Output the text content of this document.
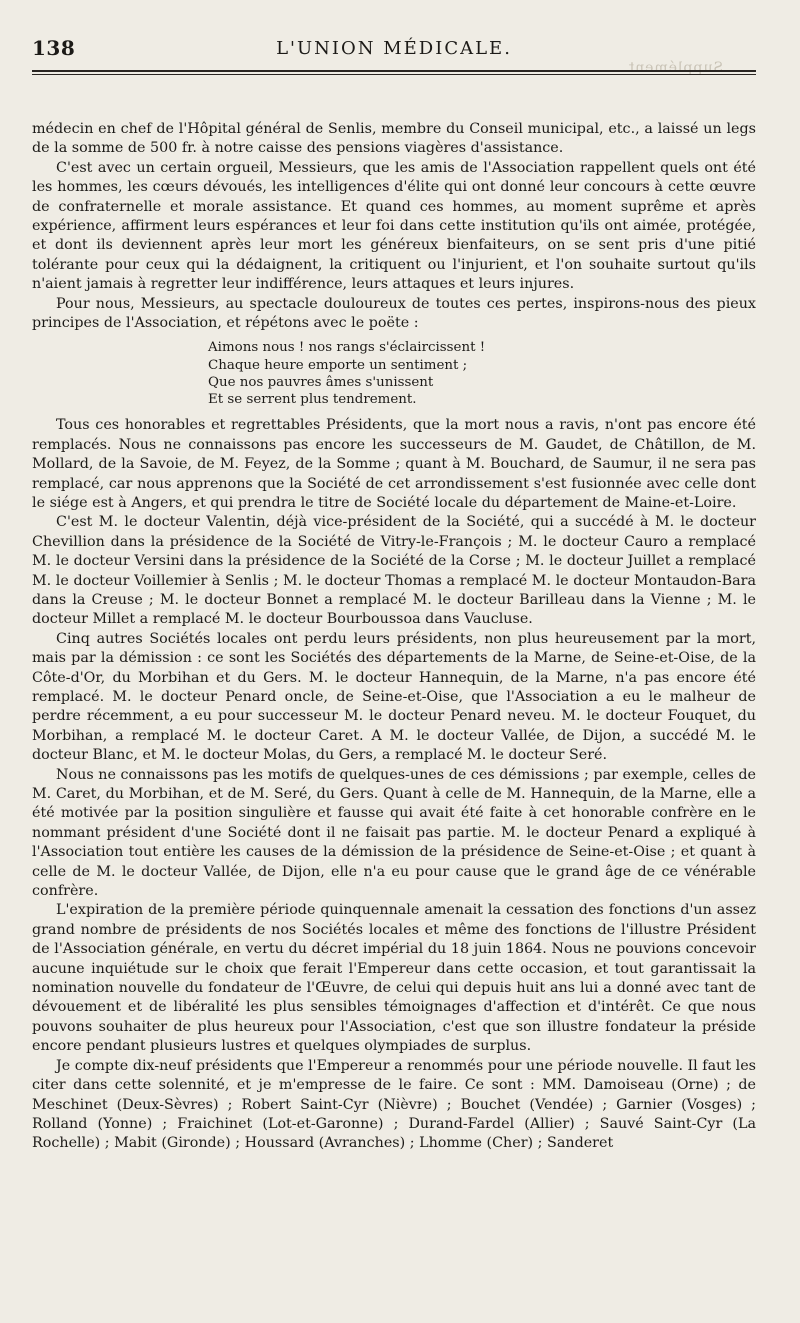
138	L'UNION MÉDICALE.
Supplément.

médecin en chef de l'Hôpital général de Senlis, membre du Conseil municipal, etc., a laissé un legs de la somme de 500 fr. à notre caisse des pensions viagères d'assistance.

C'est avec un certain orgueil, Messieurs, que les amis de l'Association rappellent quels ont été les hommes, les cœurs dévoués, les intelligences d'élite qui ont donné leur concours à cette œuvre de confraternelle et morale assistance. Et quand ces hommes, au moment suprême et après expérience, affirment leurs espérances et leur foi dans cette institution qu'ils ont aimée, protégée, et dont ils deviennent après leur mort les généreux bienfaiteurs, on se sent pris d'une pitié tolérante pour ceux qui la dédaignent, la critiquent ou l'injurient, et l'on souhaite surtout qu'ils n'aient jamais à regretter leur indifférence, leurs attaques et leurs injures.

Pour nous, Messieurs, au spectacle douloureux de toutes ces pertes, inspirons-nous des pieux principes de l'Association, et répétons avec le poëte :

Aimons nous ! nos rangs s'éclaircissent !
Chaque heure emporte un sentiment ;
Que nos pauvres âmes s'unissent
Et se serrent plus tendrement.

Tous ces honorables et regrettables Présidents, que la mort nous a ravis, n'ont pas encore été remplacés. Nous ne connaissons pas encore les successeurs de M. Gaudet, de Châtillon, de M. Mollard, de la Savoie, de M. Feyez, de la Somme ; quant à M. Bouchard, de Saumur, il ne sera pas remplacé, car nous apprenons que la Société de cet arrondissement s'est fusionnée avec celle dont le siége est à Angers, et qui prendra le titre de Société locale du département de Maine-et-Loire.

C'est M. le docteur Valentin, déjà vice-président de la Société, qui a succédé à M. le docteur Chevillion dans la présidence de la Société de Vitry-le-François ; M. le docteur Cauro a remplacé M. le docteur Versini dans la présidence de la Société de la Corse ; M. le docteur Juillet a remplacé M. le docteur Voillemier à Senlis ; M. le docteur Thomas a remplacé M. le docteur Montaudon-Bara dans la Creuse ; M. le docteur Bonnet a remplacé M. le docteur Barilleau dans la Vienne ; M. le docteur Millet a remplacé M. le docteur Bourboussoa dans Vaucluse.

Cinq autres Sociétés locales ont perdu leurs présidents, non plus heureusement par la mort, mais par la démission : ce sont les Sociétés des départements de la Marne, de Seine-et-Oise, de la Côte-d'Or, du Morbihan et du Gers. M. le docteur Hannequin, de la Marne, n'a pas encore été remplacé. M. le docteur Penard oncle, de Seine-et-Oise, que l'Association a eu le malheur de perdre récemment, a eu pour successeur M. le docteur Penard neveu. M. le docteur Fouquet, du Morbihan, a remplacé M. le docteur Caret. A M. le docteur Vallée, de Dijon, a succédé M. le docteur Blanc, et M. le docteur Molas, du Gers, a remplacé M. le docteur Seré.

Nous ne connaissons pas les motifs de quelques-unes de ces démissions ; par exemple, celles de M. Caret, du Morbihan, et de M. Seré, du Gers. Quant à celle de M. Hannequin, de la Marne, elle a été motivée par la position singulière et fausse qui avait été faite à cet honorable confrère en le nommant président d'une Société dont il ne faisait pas partie. M. le docteur Penard a expliqué à l'Association tout entière les causes de la démission de la présidence de Seine-et-Oise ; et quant à celle de M. le docteur Vallée, de Dijon, elle n'a eu pour cause que le grand âge de ce vénérable confrère.

L'expiration de la première période quinquennale amenait la cessation des fonctions d'un assez grand nombre de présidents de nos Sociétés locales et même des fonctions de l'illustre Président de l'Association générale, en vertu du décret impérial du 18 juin 1864. Nous ne pouvions concevoir aucune inquiétude sur le choix que ferait l'Empereur dans cette occasion, et tout garantissait la nomination nouvelle du fondateur de l'Œuvre, de celui qui depuis huit ans lui a donné avec tant de dévouement et de libéralité les plus sensibles témoignages d'affection et d'intérêt. Ce que nous pouvons souhaiter de plus heureux pour l'Association, c'est que son illustre fondateur la préside encore pendant plusieurs lustres et quelques olympiades de surplus.

Je compte dix-neuf présidents que l'Empereur a renommés pour une période nouvelle. Il faut les citer dans cette solennité, et je m'empresse de le faire. Ce sont : MM. Damoiseau (Orne) ; de Meschinet (Deux-Sèvres) ; Robert Saint-Cyr (Nièvre) ; Bouchet (Vendée) ; Garnier (Vosges) ; Rolland (Yonne) ; Fraichinet (Lot-et-Garonne) ; Durand-Fardel (Allier) ; Sauvé Saint-Cyr (La Rochelle) ; Mabit (Gironde) ; Houssard (Avranches) ; Lhomme (Cher) ; Sanderet
